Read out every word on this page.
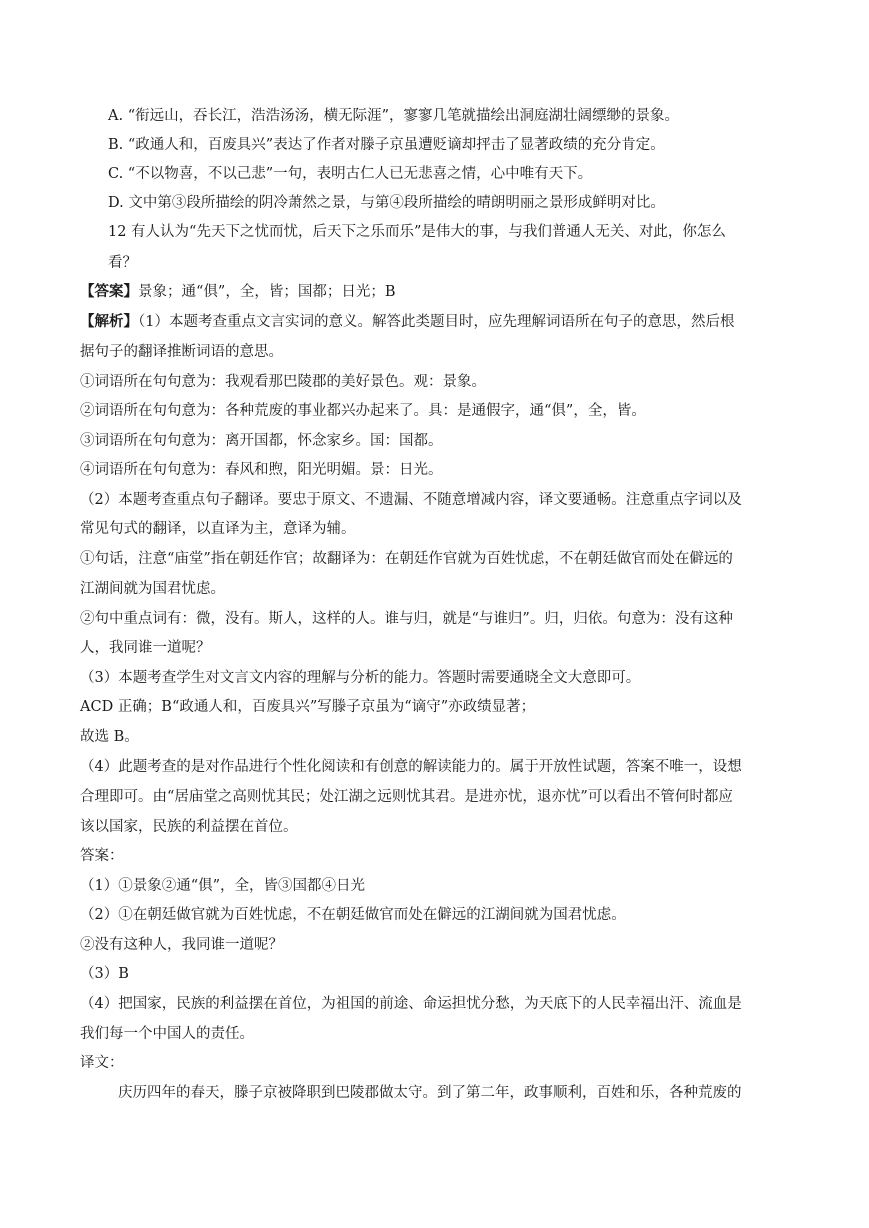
A. “衔远山，吞长江，浩浩汤汤，横无际涯”，寥寥几笔就描绘出洞庭湖壮阔缥缈的景象。
B. “政通人和，百废具兴”表达了作者对滕子京虽遭贬谪却抨击了显著政绩的充分肯定。
C. “不以物喜，不以己悲”一句，表明古仁人已无悲喜之情，心中唯有天下。
D. 文中第③段所描绘的阴冷萧然之景，与第④段所描绘的晴朗明丽之景形成鲜明对比。
12 有人认为“先天下之忧而忧，后天下之乐而乐”是伟大的事，与我们普通人无关、对此，你怎么
看？
【答案】景象；通“俱”，全，皆；国都；日光；B
【解析】（1）本题考查重点文言实词的意义。解答此类题目时，应先理解词语所在句子的意思，然后根
据句子的翻译推断词语的意思。
①词语所在句句意为：我观看那巴陵郡的美好景色。观：景象。
②词语所在句句意为：各种荒废的事业都兴办起来了。具：是通假字，通“俱”，全，皆。
③词语所在句句意为：离开国都，怀念家乡。国：国都。
④词语所在句句意为：春风和煦，阳光明媚。景：日光。
（2）本题考查重点句子翻译。要忠于原文、不遗漏、不随意增减内容，译文要通畅。注意重点字词以及
常见句式的翻译，以直译为主，意译为辅。
①句话，注意“庙堂”指在朝廷作官；故翻译为：在朝廷作官就为百姓忧虑，不在朝廷做官而处在僻远的
江湖间就为国君忧虑。
②句中重点词有：微，没有。斯人，这样的人。谁与归，就是“与谁归”。归，归依。句意为：没有这种
人，我同谁一道呢？
（3）本题考查学生对文言文内容的理解与分析的能力。答题时需要通晓全文大意即可。
ACD 正确；B“政通人和，百废具兴”写滕子京虽为“谪守”亦政绩显著；
故选 B。
（4）此题考查的是对作品进行个性化阅读和有创意的解读能力的。属于开放性试题，答案不唯一，设想
合理即可。由“居庙堂之高则忧其民；处江湖之远则忧其君。是进亦忧，退亦忧”可以看出不管何时都应
该以国家，民族的利益摆在首位。
答案：
（1）①景象②通“俱”，全，皆③国都④日光
（2）①在朝廷做官就为百姓忧虑，不在朝廷做官而处在僻远的江湖间就为国君忧虑。
②没有这种人，我同谁一道呢？
（3）B
（4）把国家，民族的利益摆在首位，为祖国的前途、命运担忧分愁，为天底下的人民幸福出汗、流血是
我们每一个中国人的责任。
译文：
庆历四年的春天，滕子京被降职到巴陵郡做太守。到了第二年，政事顺利，百姓和乐，各种荒废的
